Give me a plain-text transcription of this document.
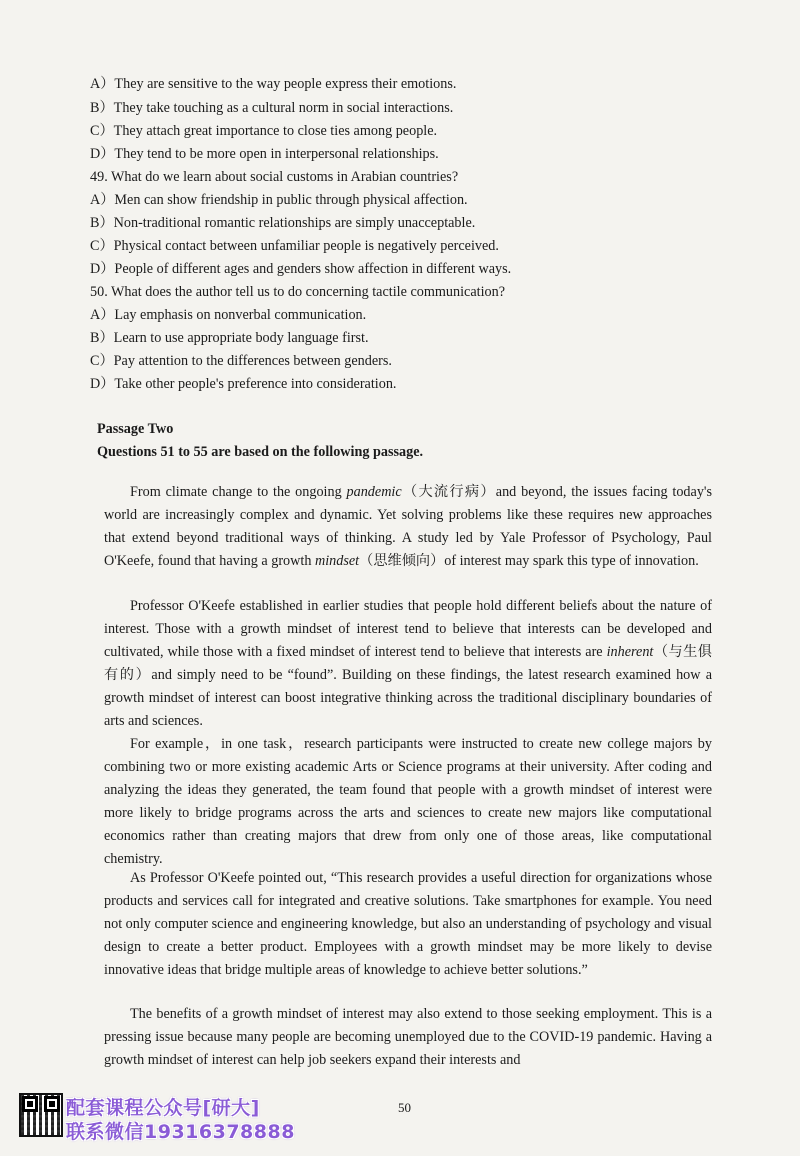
A）They are sensitive to the way people express their emotions.
B）They take touching as a cultural norm in social interactions.
C）They attach great importance to close ties among people.
D）They tend to be more open in interpersonal relationships.
49. What do we learn about social customs in Arabian countries?
A）Men can show friendship in public through physical affection.
B）Non-traditional romantic relationships are simply unacceptable.
C）Physical contact between unfamiliar people is negatively perceived.
D）People of different ages and genders show affection in different ways.
50. What does the author tell us to do concerning tactile communication?
A）Lay emphasis on nonverbal communication.
B）Learn to use appropriate body language first.
C）Pay attention to the differences between genders.
D）Take other people's preference into consideration.
Passage Two
Questions 51 to 55 are based on the following passage.

From climate change to the ongoing pandemic（大流行病）and beyond, the issues facing today's world are increasingly complex and dynamic. Yet solving problems like these requires new approaches that extend beyond traditional ways of thinking. A study led by Yale Professor of Psychology, Paul O'Keefe, found that having a growth mindset（思维倾向）of interest may spark this type of innovation.

Professor O'Keefe established in earlier studies that people hold different beliefs about the nature of interest. Those with a growth mindset of interest tend to believe that interests can be developed and cultivated, while those with a fixed mindset of interest tend to believe that interests are inherent（与生俱有的）and simply need to be “found”. Building on these findings, the latest research examined how a growth mindset of interest can boost integrative thinking across the traditional disciplinary boundaries of arts and sciences.

For example，in one task，research participants were instructed to create new college majors by combining two or more existing academic Arts or Science programs at their university. After coding and analyzing the ideas they generated, the team found that people with a growth mindset of interest were more likely to bridge programs across the arts and sciences to create new majors like computational economics rather than creating majors that drew from only one of those areas, like computational chemistry.

As Professor O'Keefe pointed out, “This research provides a useful direction for organizations whose products and services call for integrated and creative solutions. Take smartphones for example. You need not only computer science and engineering knowledge, but also an understanding of psychology and visual design to create a better product. Employees with a growth mindset may be more likely to devise innovative ideas that bridge multiple areas of knowledge to achieve better solutions.”

The benefits of a growth mindset of interest may also extend to those seeking employment. This is a pressing issue because many people are becoming unemployed due to the COVID-19 pandemic. Having a growth mindset of interest can help job seekers expand their interests and

配套课程公众号[研大]
联系微信19316378888
50
